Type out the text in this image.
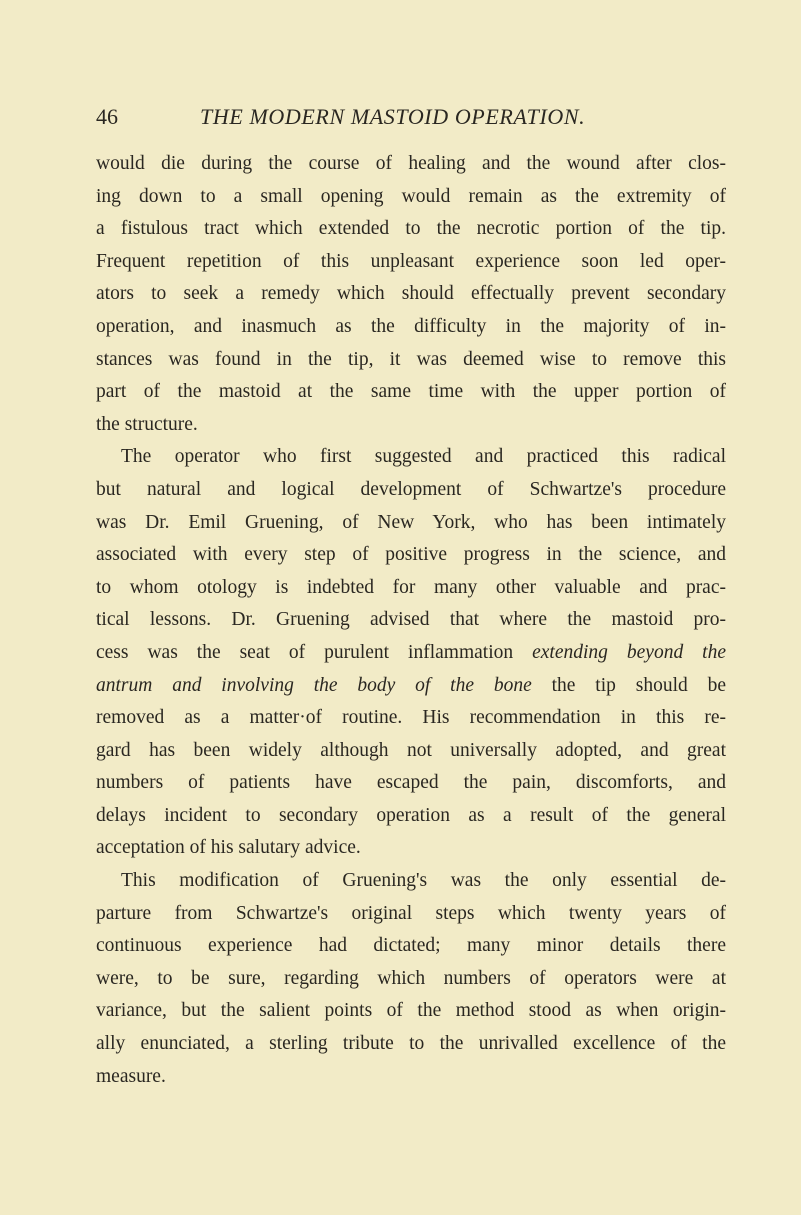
46	THE MODERN MASTOID OPERATION.
would die during the course of healing and the wound after clos-
ing down to a small opening would remain as the extremity of
a fistulous tract which extended to the necrotic portion of the tip.
Frequent repetition of this unpleasant experience soon led oper-
ators to seek a remedy which should effectually prevent secondary
operation, and inasmuch as the difficulty in the majority of in-
stances was found in the tip, it was deemed wise to remove this
part of the mastoid at the same time with the upper portion of
the structure.
The operator who first suggested and practiced this radical
but natural and logical development of Schwartze's procedure
was Dr. Emil Gruening, of New York, who has been intimately
associated with every step of positive progress in the science, and
to whom otology is indebted for many other valuable and prac-
tical lessons. Dr. Gruening advised that where the mastoid pro-
cess was the seat of purulent inflammation extending beyond the
antrum and involving the body of the bone the tip should be
removed as a matter·of routine. His recommendation in this re-
gard has been widely although not universally adopted, and great
numbers of patients have escaped the pain, discomforts, and
delays incident to secondary operation as a result of the general
acceptation of his salutary advice.
This modification of Gruening's was the only essential de-
parture from Schwartze's original steps which twenty years of
continuous experience had dictated; many minor details there
were, to be sure, regarding which numbers of operators were at
variance, but the salient points of the method stood as when origin-
ally enunciated, a sterling tribute to the unrivalled excellence of the
measure.
